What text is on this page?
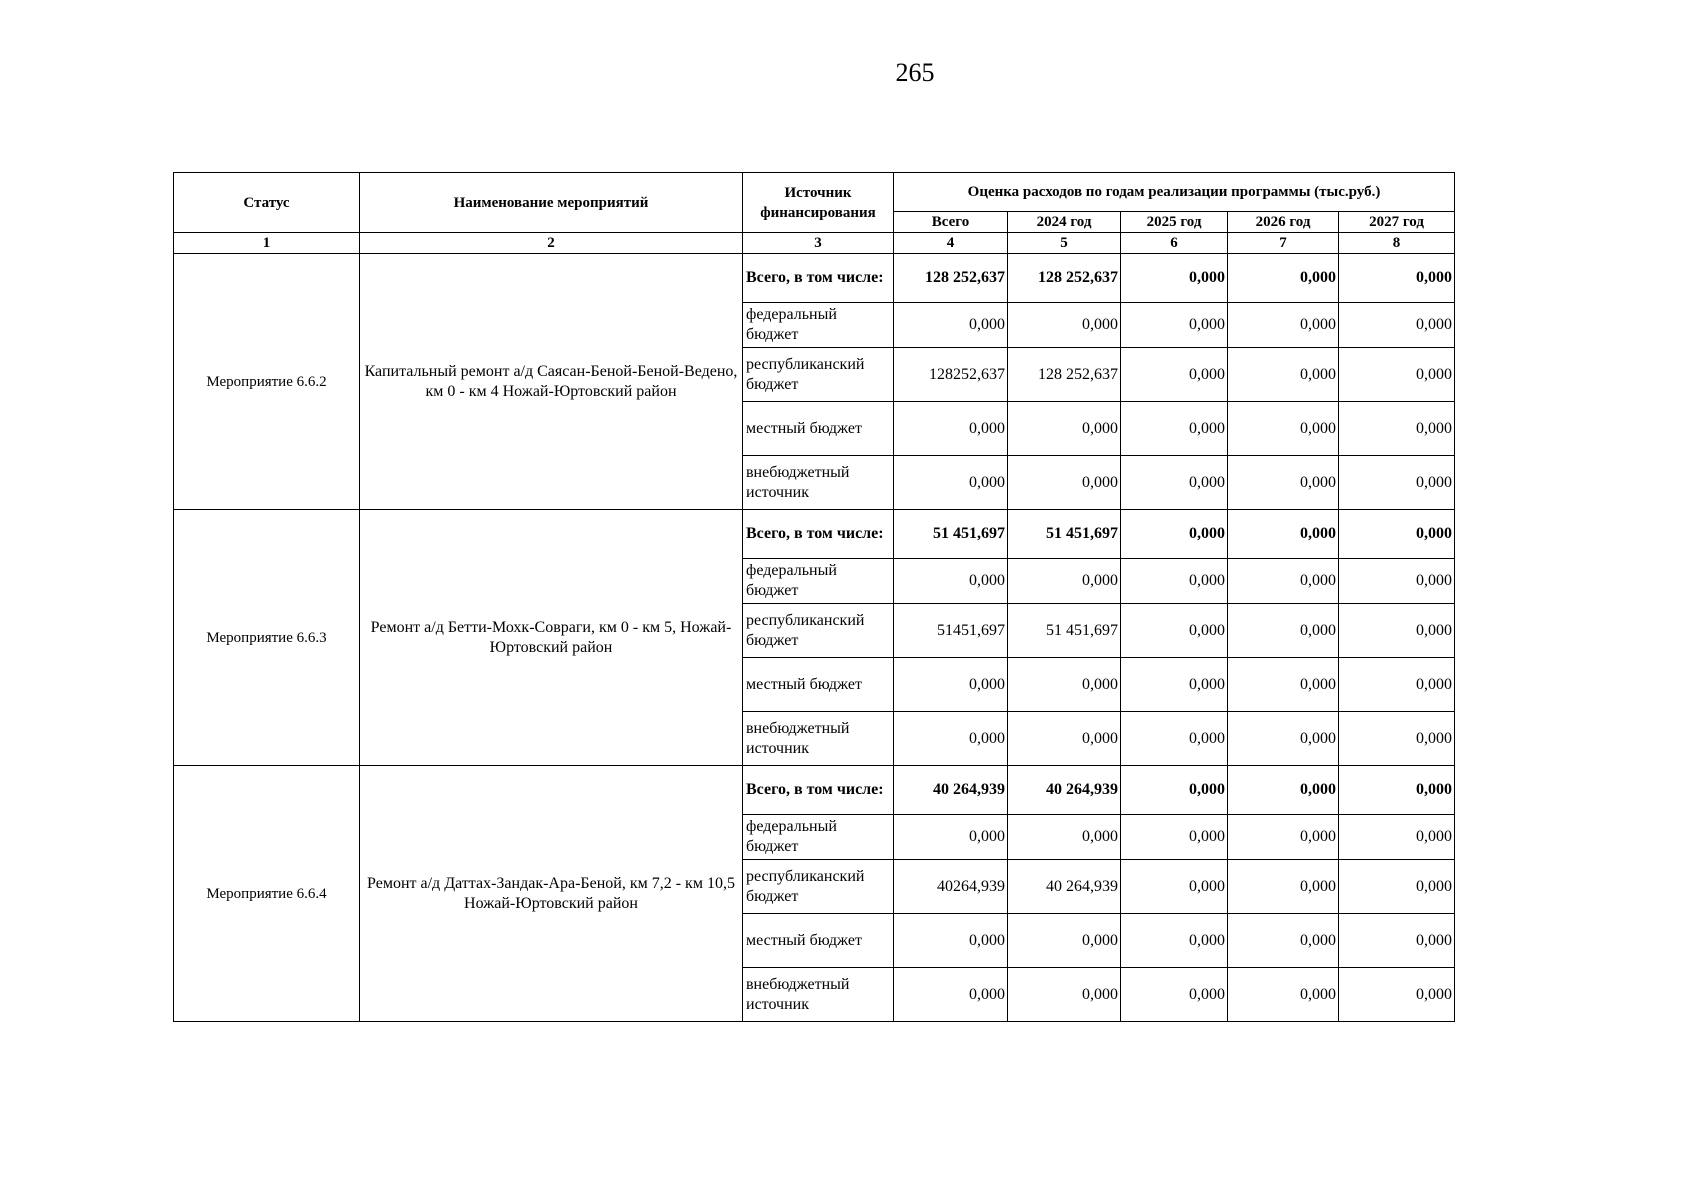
265
Статус	Наименование мероприятий	Источник финансирования	Оценка расходов по годам реализации программы (тыс.руб.)				
			Всего	2024 год	2025 год	2026 год	2027 год
1	2	3	4	5	6	7	8
Мероприятие 6.6.2	Капитальный ремонт а/д Саясан-Беной-Беной-Ведено, км 0 - км 4 Ножай-Юртовский район	Всего, в том числе:	128 252,637	128 252,637	0,000	0,000	0,000
		федеральный бюджет	0,000	0,000	0,000	0,000	0,000
		республиканский бюджет	128252,637	128 252,637	0,000	0,000	0,000
		местный бюджет	0,000	0,000	0,000	0,000	0,000
		внебюджетный источник	0,000	0,000	0,000	0,000	0,000
Мероприятие 6.6.3	Ремонт а/д Бетти-Мохк-Совраги, км 0 - км 5, Ножай-Юртовский район	Всего, в том числе:	51 451,697	51 451,697	0,000	0,000	0,000
		федеральный бюджет	0,000	0,000	0,000	0,000	0,000
		республиканский бюджет	51451,697	51 451,697	0,000	0,000	0,000
		местный бюджет	0,000	0,000	0,000	0,000	0,000
		внебюджетный источник	0,000	0,000	0,000	0,000	0,000
Мероприятие 6.6.4	Ремонт а/д Даттах-Зандак-Ара-Беной, км 7,2 - км 10,5 Ножай-Юртовский район	Всего, в том числе:	40 264,939	40 264,939	0,000	0,000	0,000
		федеральный бюджет	0,000	0,000	0,000	0,000	0,000
		республиканский бюджет	40264,939	40 264,939	0,000	0,000	0,000
		местный бюджет	0,000	0,000	0,000	0,000	0,000
		внебюджетный источник	0,000	0,000	0,000	0,000	0,000
